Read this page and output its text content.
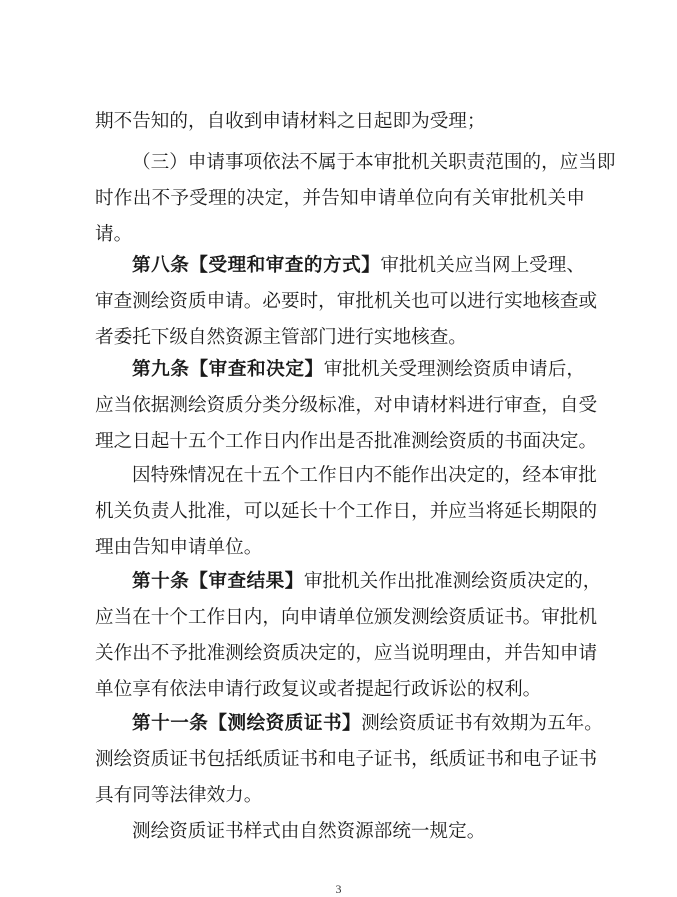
期不告知的，自收到申请材料之日起即为受理；
（三）申请事项依法不属于本审批机关职责范围的，应当即
时作出不予受理的决定，并告知申请单位向有关审批机关申
请。
第八条【受理和审查的方式】审批机关应当网上受理、
审查测绘资质申请。必要时，审批机关也可以进行实地核查或
者委托下级自然资源主管部门进行实地核查。
第九条【审查和决定】审批机关受理测绘资质申请后，
应当依据测绘资质分类分级标准，对申请材料进行审查，自受
理之日起十五个工作日内作出是否批准测绘资质的书面决定。
因特殊情况在十五个工作日内不能作出决定的，经本审批
机关负责人批准，可以延长十个工作日，并应当将延长期限的
理由告知申请单位。
第十条【审查结果】审批机关作出批准测绘资质决定的，
应当在十个工作日内，向申请单位颁发测绘资质证书。审批机
关作出不予批准测绘资质决定的，应当说明理由，并告知申请
单位享有依法申请行政复议或者提起行政诉讼的权利。
第十一条【测绘资质证书】测绘资质证书有效期为五年。
测绘资质证书包括纸质证书和电子证书，纸质证书和电子证书
具有同等法律效力。
测绘资质证书样式由自然资源部统一规定。
3
